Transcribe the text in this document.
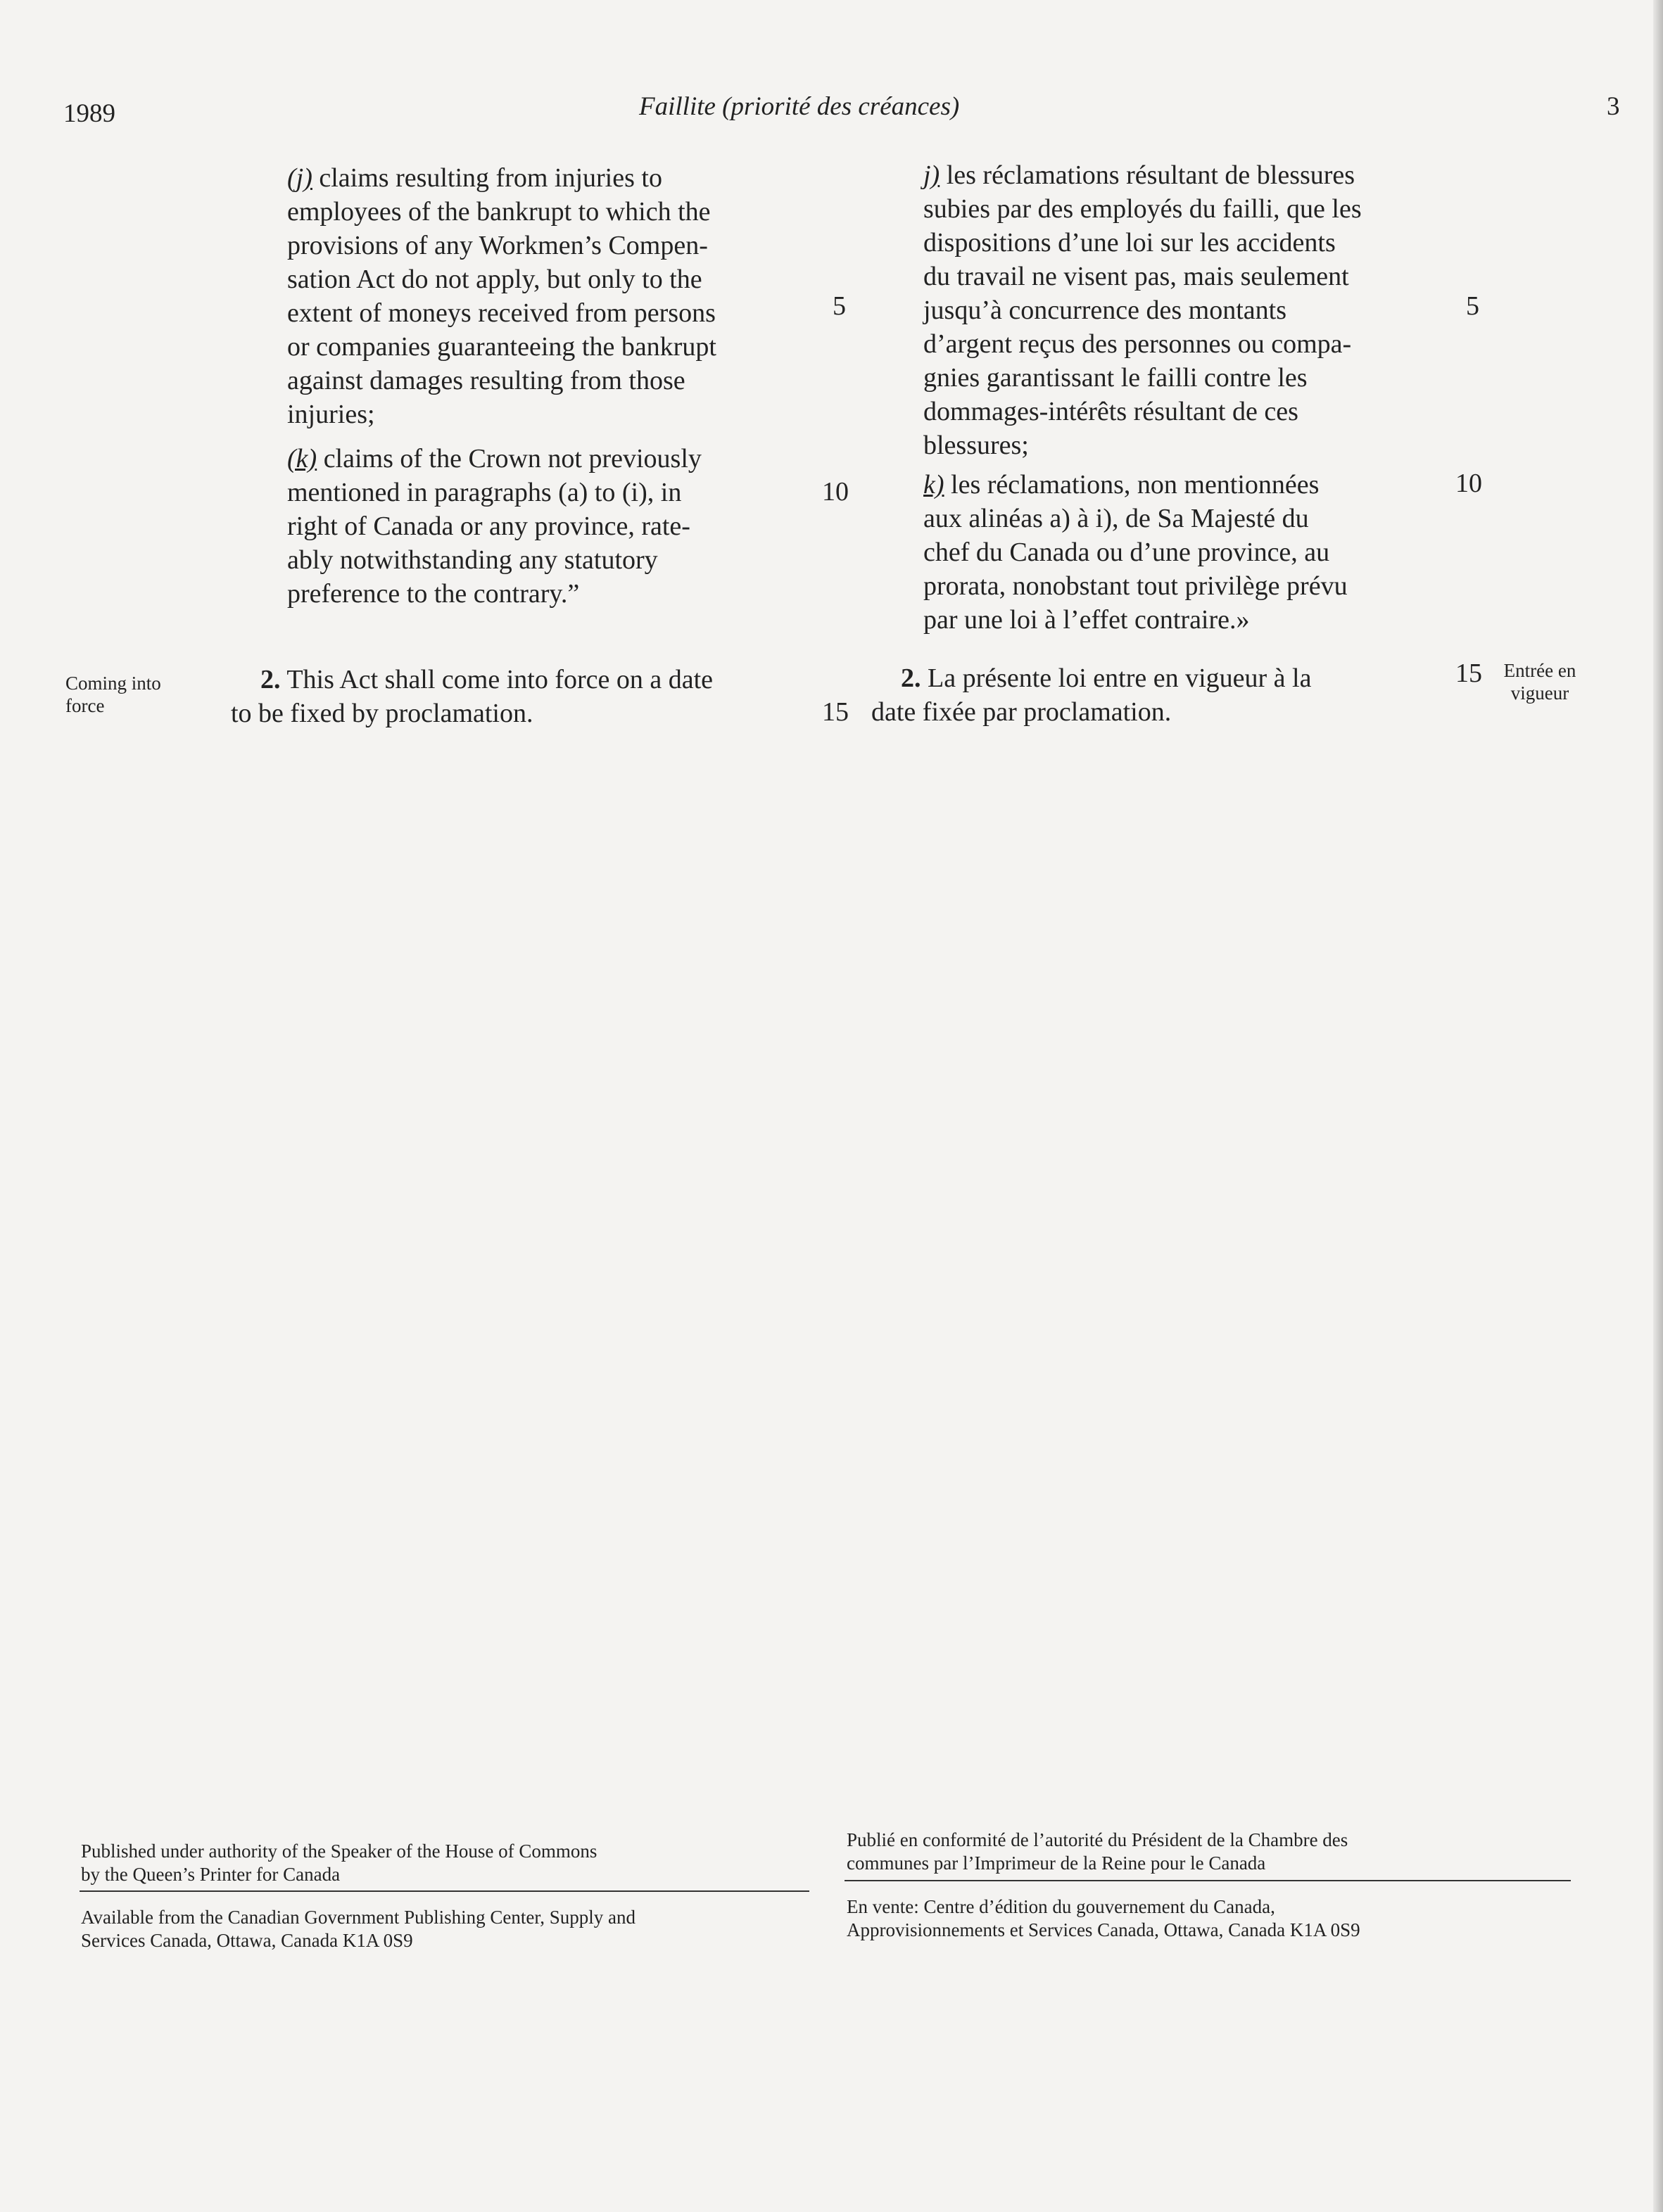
1989	Faillite (priorité des créances)	3

(j) claims resulting from injuries to

employees of the bankrupt to which the

provisions of any Workmen’s Compen-

sation Act do not apply, but only to the

extent of moneys received from persons

or companies guaranteeing the bankrupt

against damages resulting from those

injuries;

(k) claims of the Crown not previously

mentioned in paragraphs (a) to (i), in

right of Canada or any province, rate-

ably notwithstanding any statutory

preference to the contrary.”

Coming into
force

2. This Act shall come into force on a date

to be fixed by proclamation.

5
10
15

j) les réclamations résultant de blessures

subies par des employés du failli, que les

dispositions d’une loi sur les accidents

du travail ne visent pas, mais seulement

jusqu’à concurrence des montants

d’argent reçus des personnes ou compa-

gnies garantissant le failli contre les

dommages-intérêts résultant de ces

blessures;

k) les réclamations, non mentionnées

aux alinéas a) à i), de Sa Majesté du

chef du Canada ou d’une province, au

prorata, nonobstant tout privilège prévu

par une loi à l’effet contraire.»

2. La présente loi entre en vigueur à la

date fixée par proclamation.

Entrée en
vigueur
5
10
15
Published under authority of the Speaker of the House of Commons
by the Queen’s Printer for Canada
Available from the Canadian Government Publishing Center, Supply and
Services Canada, Ottawa, Canada K1A 0S9
Publié en conformité de l’autorité du Président de la Chambre des
communes par l’Imprimeur de la Reine pour le Canada
En vente: Centre d’édition du gouvernement du Canada,
Approvisionnements et Services Canada, Ottawa, Canada K1A 0S9
